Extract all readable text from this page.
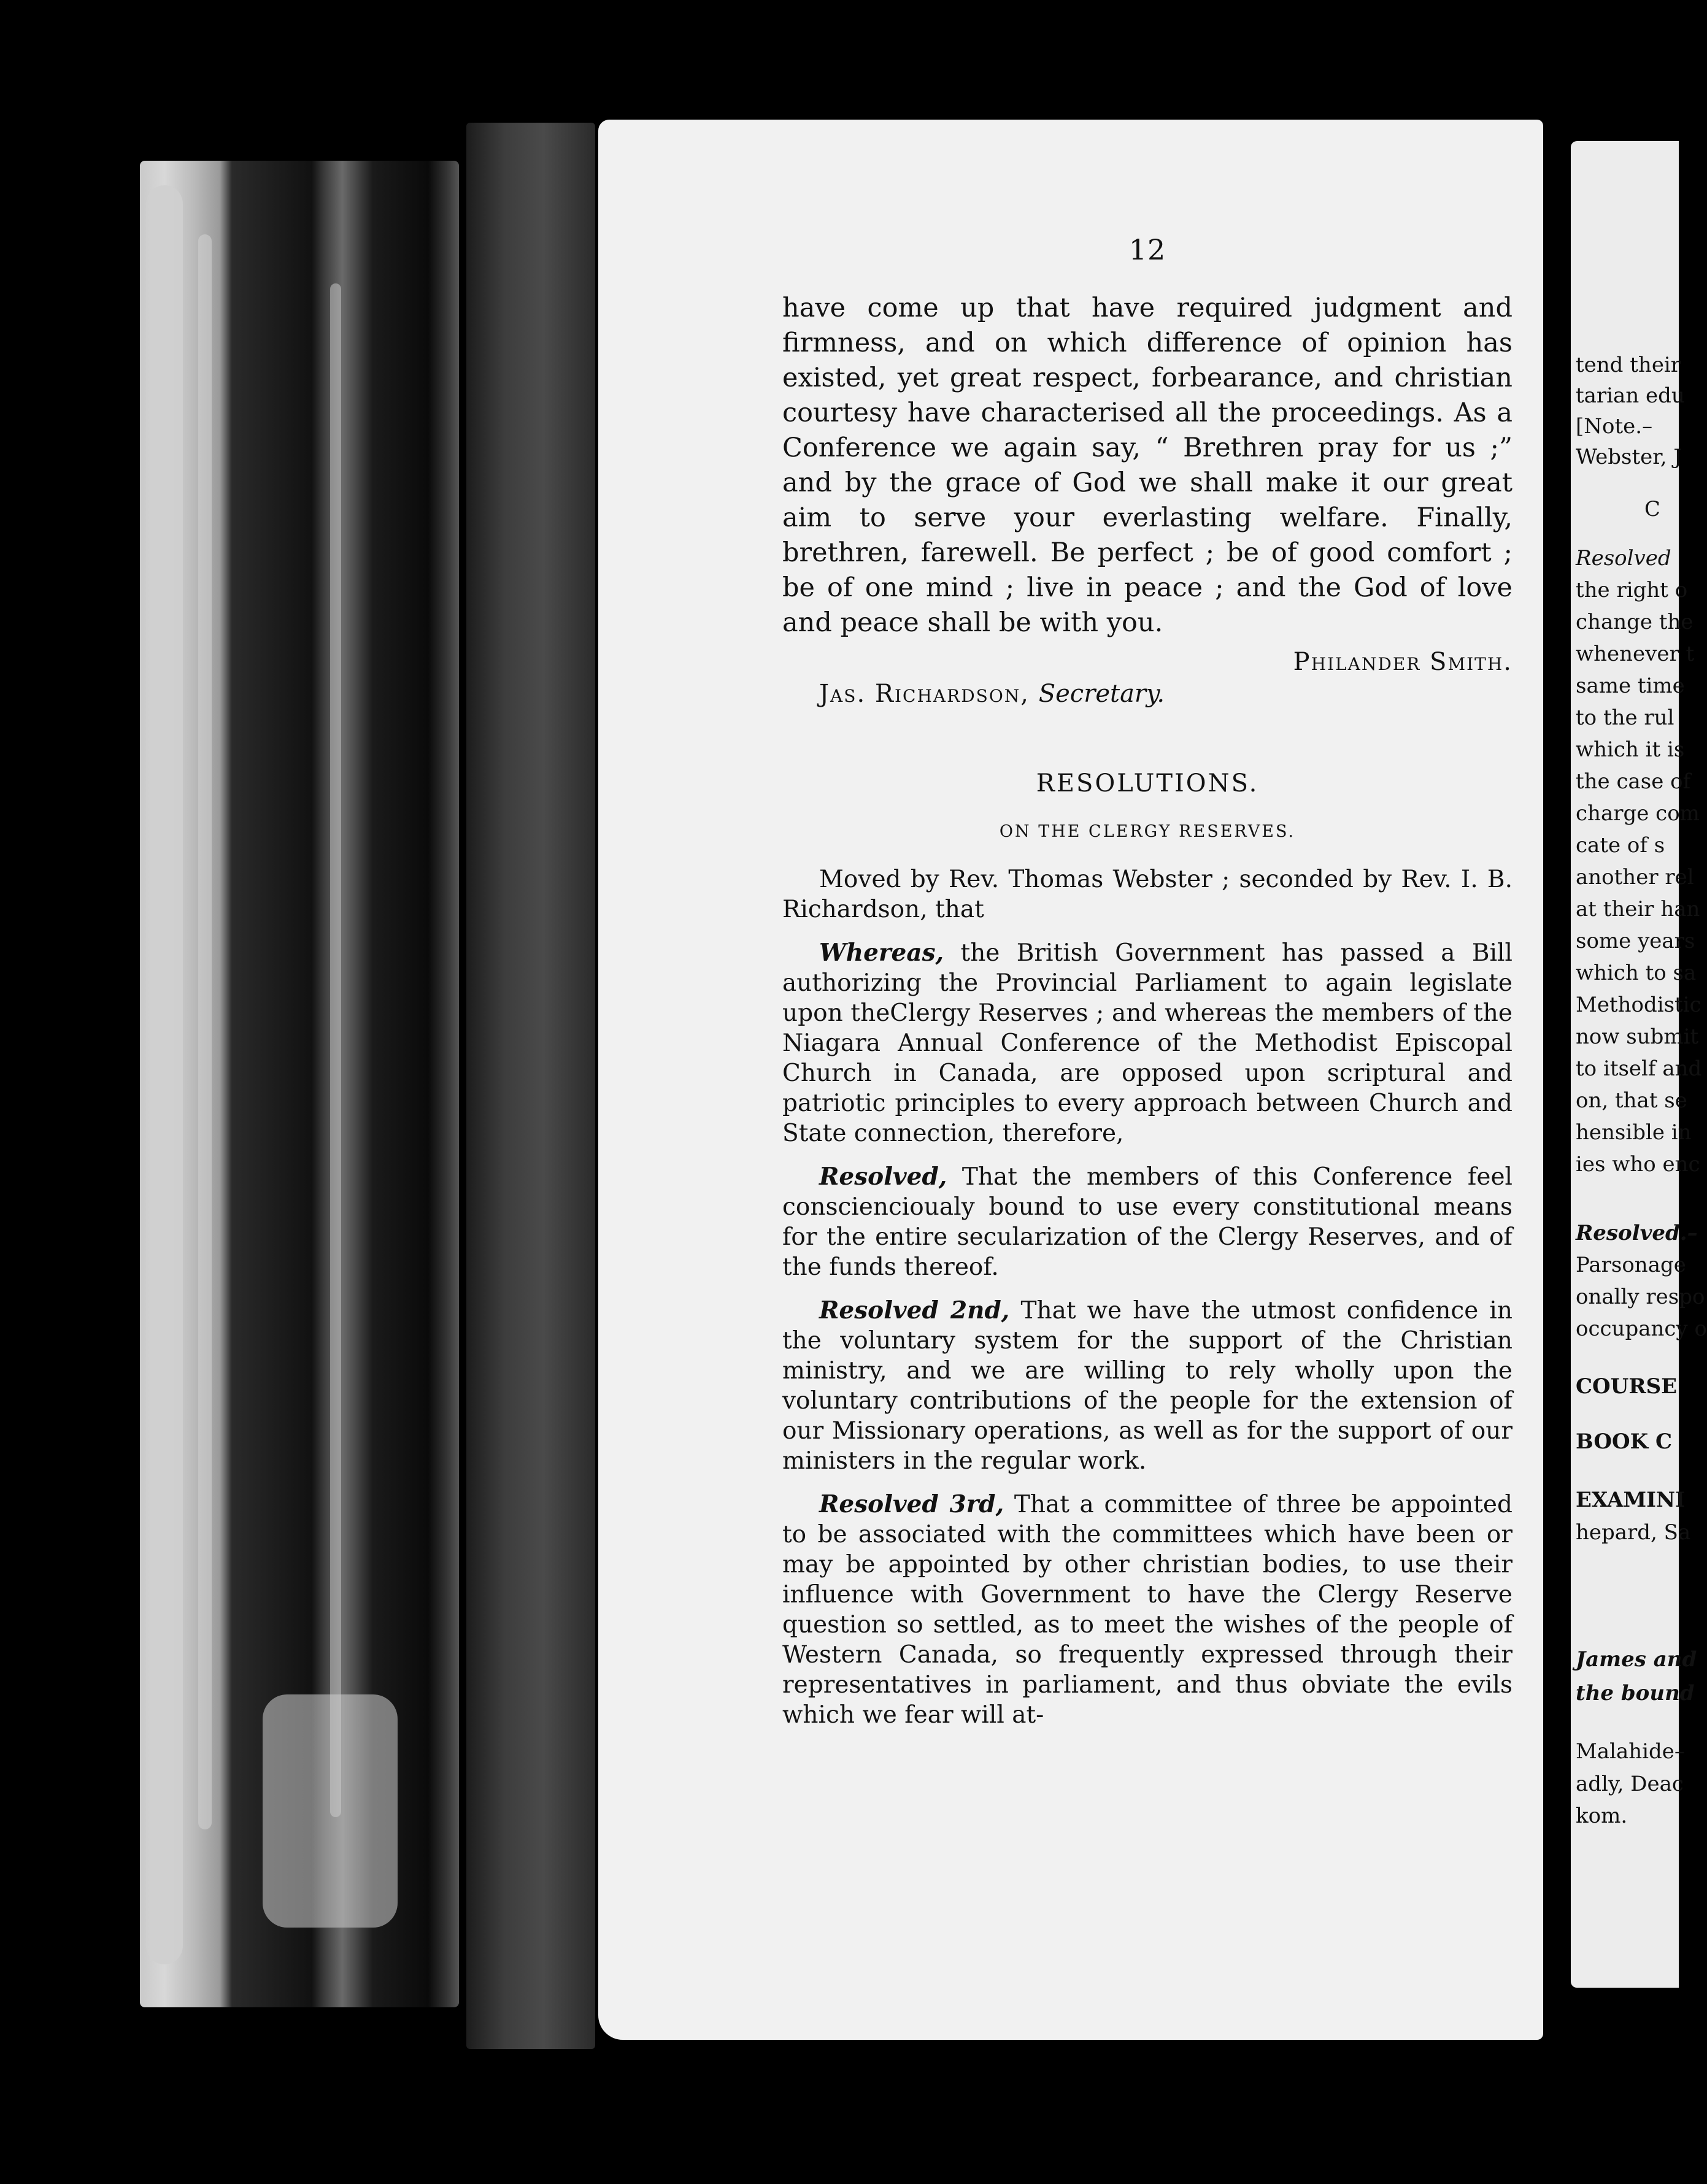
12

have come up that have required judgment and firmness, and on which difference of opinion has existed, yet great respect, forbearance, and christian courtesy have characterised all the proceedings. As a Conference we again say, “ Brethren pray for us ;” and by the grace of God we shall make it our great aim to serve your everlasting welfare. Finally, brethren, farewell. Be perfect ; be of good comfort ; be of one mind ; live in peace ; and the God of love and peace shall be with you.

Philander Smith.
Jas. Richardson, Secretary.
RESOLUTIONS.
ON THE CLERGY RESERVES.

Moved by Rev. Thomas Webster ; seconded by Rev. I. B. Richardson, that

Whereas, the British Government has passed a Bill authorizing the Provincial Parliament to again legislate upon theClergy Reserves ; and whereas the members of the Niagara Annual Conference of the Methodist Episcopal Church in Canada, are opposed upon scriptural and patriotic principles to every approach between Church and State connection, therefore,

Resolved, That the members of this Conference feel consciencioualy bound to use every constitutional means for the entire secularization of the Clergy Reserves, and of the funds thereof.

Resolved 2nd, That we have the utmost confidence in the voluntary system for the support of the Christian ministry, and we are willing to rely wholly upon the voluntary contributions of the people for the extension of our Missionary operations, as well as for the support of our ministers in the regular work.

Resolved 3rd, That a committee of three be appointed to be associated with the committees which have been or may be appointed by other christian bodies, to use their influence with Government to have the Clergy Reserve question so settled, as to meet the wishes of the people of Western Canada, so frequently expressed through their representatives in parliament, and thus obviate the evils which we fear will at-

tend their
tarian edu
[Note.–
Webster, J
C
Resolved
the right o
change the
whenever t
same time
to the rul
which it is
the case of
charge com
cate of s
another rel
at their han
some years
which to sa
Methodistic
now submit
to itself and
on, that se
hensible in
ies who enc
Resolved.–
Parsonage
onally respo
occupancy o
COURSE
BOOK C
EXAMINI
hepard, Sa
James and
the bound
Malahide–
adly, Deac
kom.
